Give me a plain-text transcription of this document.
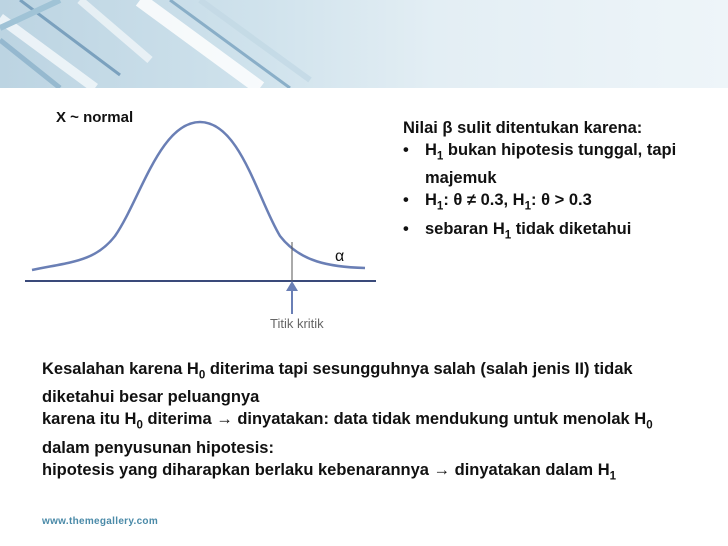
X ~ normal
α
Titik kritik
Nilai β sulit ditentukan karena:
• $H_1$ bukan hipotesis tunggal, tapi majemuk
• $H_1$: θ ≠ 0.3, $H_1$: θ > 0.3
• sebaran $H_1$ tidak diketahui
Kesalahan karena $H_0$ diterima tapi sesungguhnya salah (salah jenis II) tidak diketahui besar peluangnya
karena itu $H_0$ diterima → dinyatakan: data tidak mendukung untuk menolak $H_0$
dalam penyusunan hipotesis:
hipotesis yang diharapkan berlaku kebenarannya → dinyatakan dalam $H_1$
www.themegallery.com
